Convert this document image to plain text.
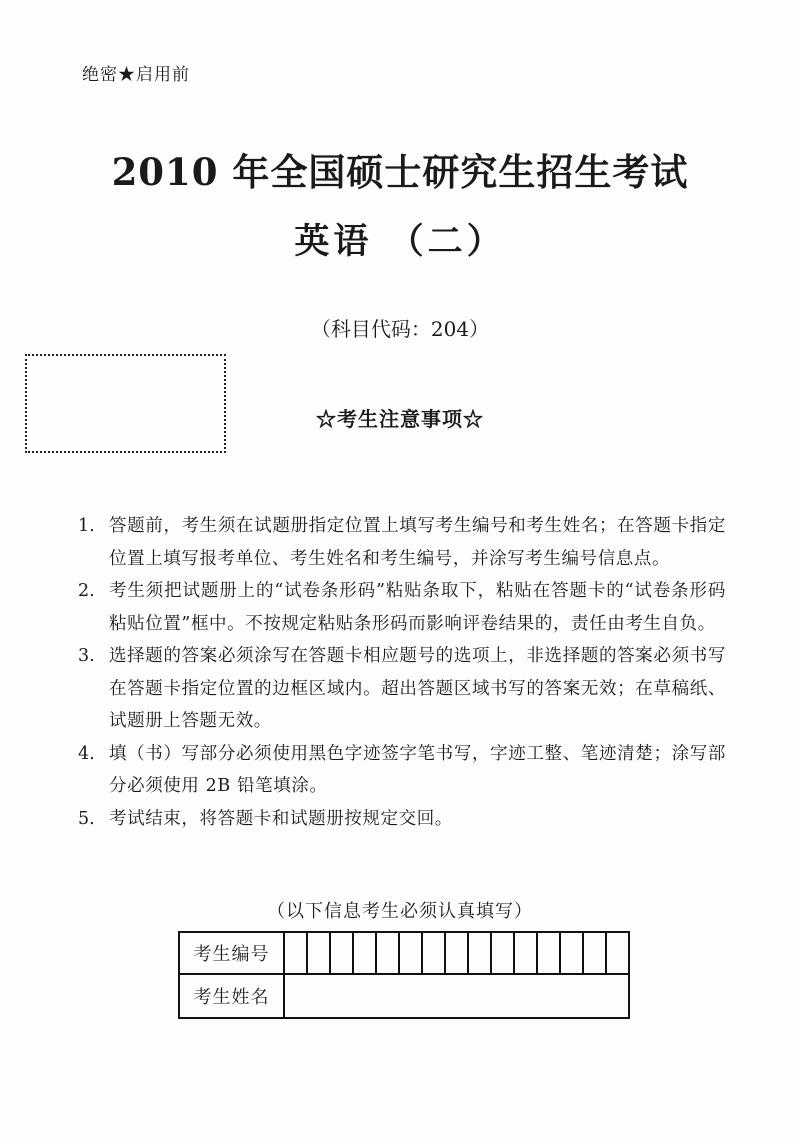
绝密★启用前
2010 年全国硕士研究生招生考试
英语 （二）
（科目代码：204）
☆考生注意事项☆
1. 答题前，考生须在试题册指定位置上填写考生编号和考生姓名；在答题卡指定位置上填写报考单位、考生姓名和考生编号，并涂写考生编号信息点。
2. 考生须把试题册上的“试卷条形码”粘贴条取下，粘贴在答题卡的“试卷条形码粘贴位置”框中。不按规定粘贴条形码而影响评卷结果的，责任由考生自负。
3. 选择题的答案必须涂写在答题卡相应题号的选项上，非选择题的答案必须书写在答题卡指定位置的边框区域内。超出答题区域书写的答案无效；在草稿纸、试题册上答题无效。
4. 填（书）写部分必须使用黑色字迹签字笔书写，字迹工整、笔迹清楚；涂写部分必须使用 2B 铅笔填涂。
5. 考试结束，将答题卡和试题册按规定交回。
（以下信息考生必须认真填写）
考生编号															
考生姓名															
